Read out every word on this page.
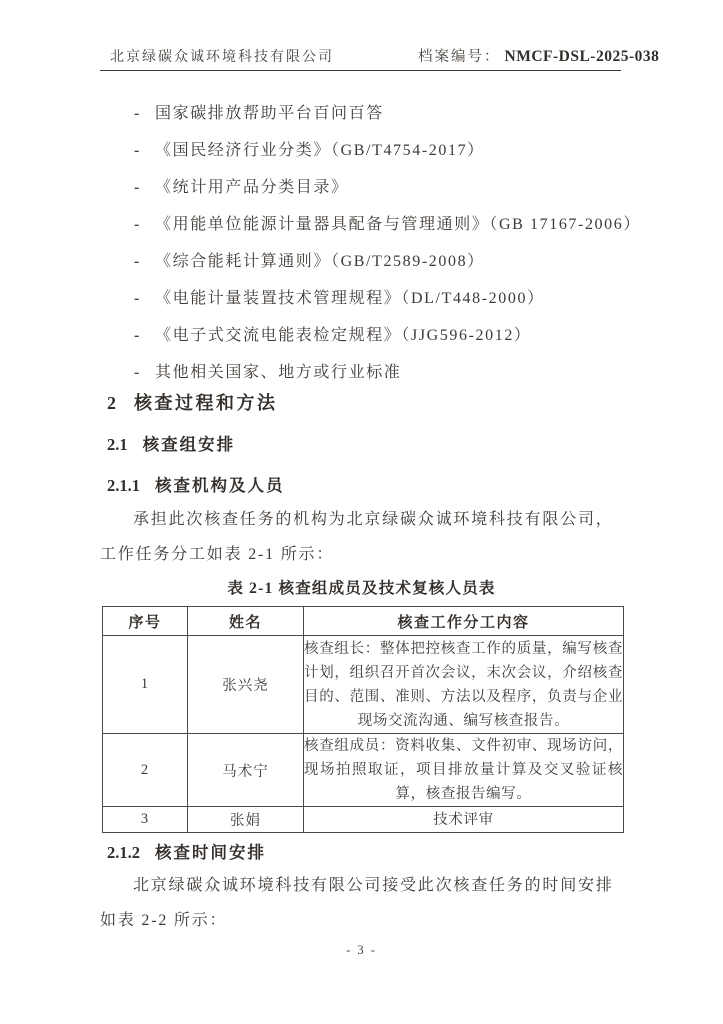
北京绿碳众诚环境科技有限公司	档案编号： NMCF-DSL-2025-038
- 国家碳排放帮助平台百问百答
- 《国民经济行业分类》（GB/T4754-2017）
- 《统计用产品分类目录》
- 《用能单位能源计量器具配备与管理通则》（GB 17167-2006）
- 《综合能耗计算通则》（GB/T2589-2008）
- 《电能计量装置技术管理规程》（DL/T448-2000）
- 《电子式交流电能表检定规程》（JJG596-2012）
- 其他相关国家、地方或行业标准
2 核查过程和方法
2.1 核查组安排
2.1.1 核查机构及人员
承担此次核查任务的机构为北京绿碳众诚环境科技有限公司，
工作任务分工如表 2-1 所示：
表 2-1 核查组成员及技术复核人员表
序号	姓名	核查工作分工内容
1	张兴尧	核查组长：整体把控核查工作的质量，编写核查计划，组织召开首次会议，末次会议，介绍核查目的、范围、准则、方法以及程序，负责与企业现场交流沟通、编写核查报告。
2	马术宁	核查组成员：资料收集、文件初审、现场访问，现场拍照取证，项目排放量计算及交叉验证核算，核查报告编写。
3	张娟	技术评审
2.1.2 核查时间安排
北京绿碳众诚环境科技有限公司接受此次核查任务的时间安排
如表 2-2 所示：
- 3 -
